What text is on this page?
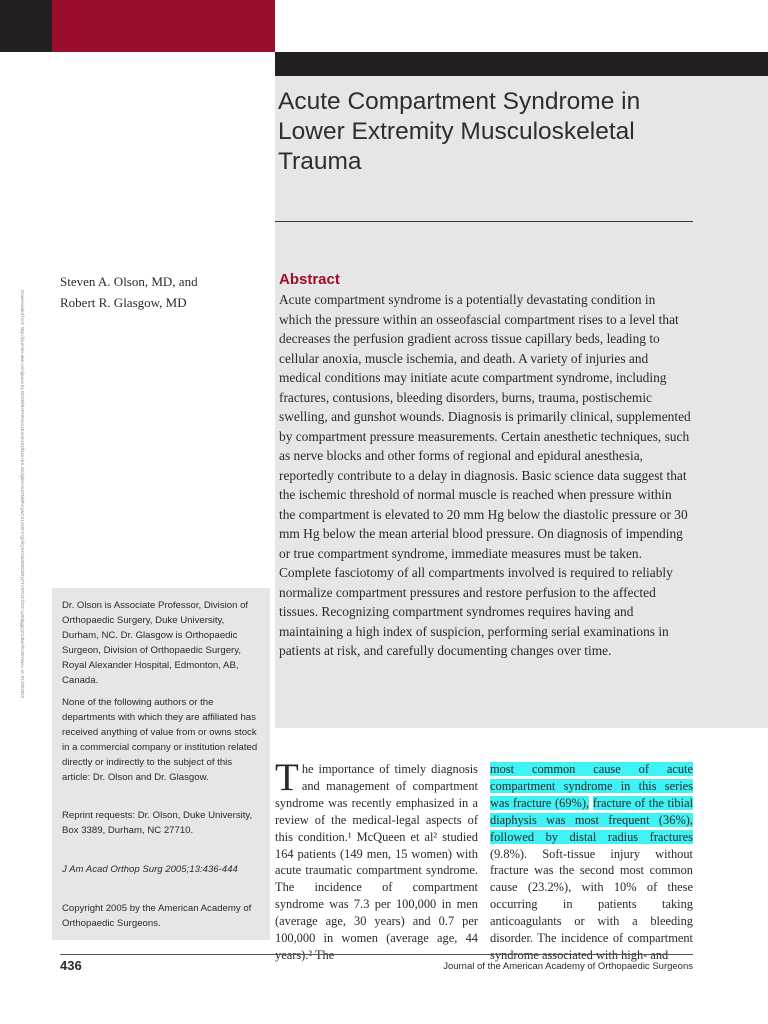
Acute Compartment Syndrome in Lower Extremity Musculoskeletal Trauma
Steven A. Olson, MD, and
Robert R. Glasgow, MD
Abstract

Acute compartment syndrome is a potentially devastating condition in which the pressure within an osseofascial compartment rises to a level that decreases the perfusion gradient across tissue capillary beds, leading to cellular anoxia, muscle ischemia, and death. A variety of injuries and medical conditions may initiate acute compartment syndrome, including fractures, contusions, bleeding disorders, burns, trauma, postischemic swelling, and gunshot wounds. Diagnosis is primarily clinical, supplemented by compartment pressure measurements. Certain anesthetic techniques, such as nerve blocks and other forms of regional and epidural anesthesia, reportedly contribute to a delay in diagnosis. Basic science data suggest that the ischemic threshold of normal muscle is reached when pressure within the compartment is elevated to 20 mm Hg below the diastolic pressure or 30 mm Hg below the mean arterial blood pressure. On diagnosis of impending or true compartment syndrome, immediate measures must be taken. Complete fasciotomy of all compartments involved is required to reliably normalize compartment pressures and restore perfusion to the affected tissues. Recognizing compartment syndromes requires having and maintaining a high index of suspicion, performing serial examinations in patients at risk, and carefully documenting changes over time.

Downloaded from http://journals.lww.com/jaaos by BhDMf5ePHKav1zEoum1tQfN4a+kJLhEZgbsIHo4XMi0hCywCX1AWnYQp/IlQrHD3i3D0OdRyi7TvSFl4Cf3VC1y0abggQZXdtwnfKZBYtws= on 01/28/2022	Dr. Olson is Associate Professor, Division of Orthopaedic Surgery, Duke University, Durham, NC. Dr. Glasgow is Orthopaedic Surgeon, Division of Orthopaedic Surgery, Royal Alexander Hospital, Edmonton, AB, Canada.

None of the following authors or the departments with which they are affiliated has received anything of value from or owns stock in a commercial company or institution related directly or indirectly to the subject of this article: Dr. Olson and Dr. Glasgow.

Reprint requests: Dr. Olson, Duke University, Box 3389, Durham, NC 27710.

J Am Acad Orthop Surg 2005;13:436-444

Copyright 2005 by the American Academy of Orthopaedic Surgeons.

The importance of timely diagnosis and management of compartment syndrome was recently emphasized in a review of the medical-legal aspects of this condition.¹ McQueen et al² studied 164 patients (149 men, 15 women) with acute traumatic compartment syndrome. The incidence of compartment syndrome was 7.3 per 100,000 in men (average age, 30 years) and 0.7 per 100,000 in women (average age, 44

most common cause of acute compartment syndrome in this series was fracture (69%), fracture of the tibial diaphysis was most frequent (36%), followed by distal radius fractures (9.8%). Soft-tissue injury without fracture was the second most common cause (23.2%), with 10% of these occurring in patients taking anticoagulants or with a bleeding disorder. The incidence of compartment

436	Journal of the American Academy of Orthopaedic Surgeons
